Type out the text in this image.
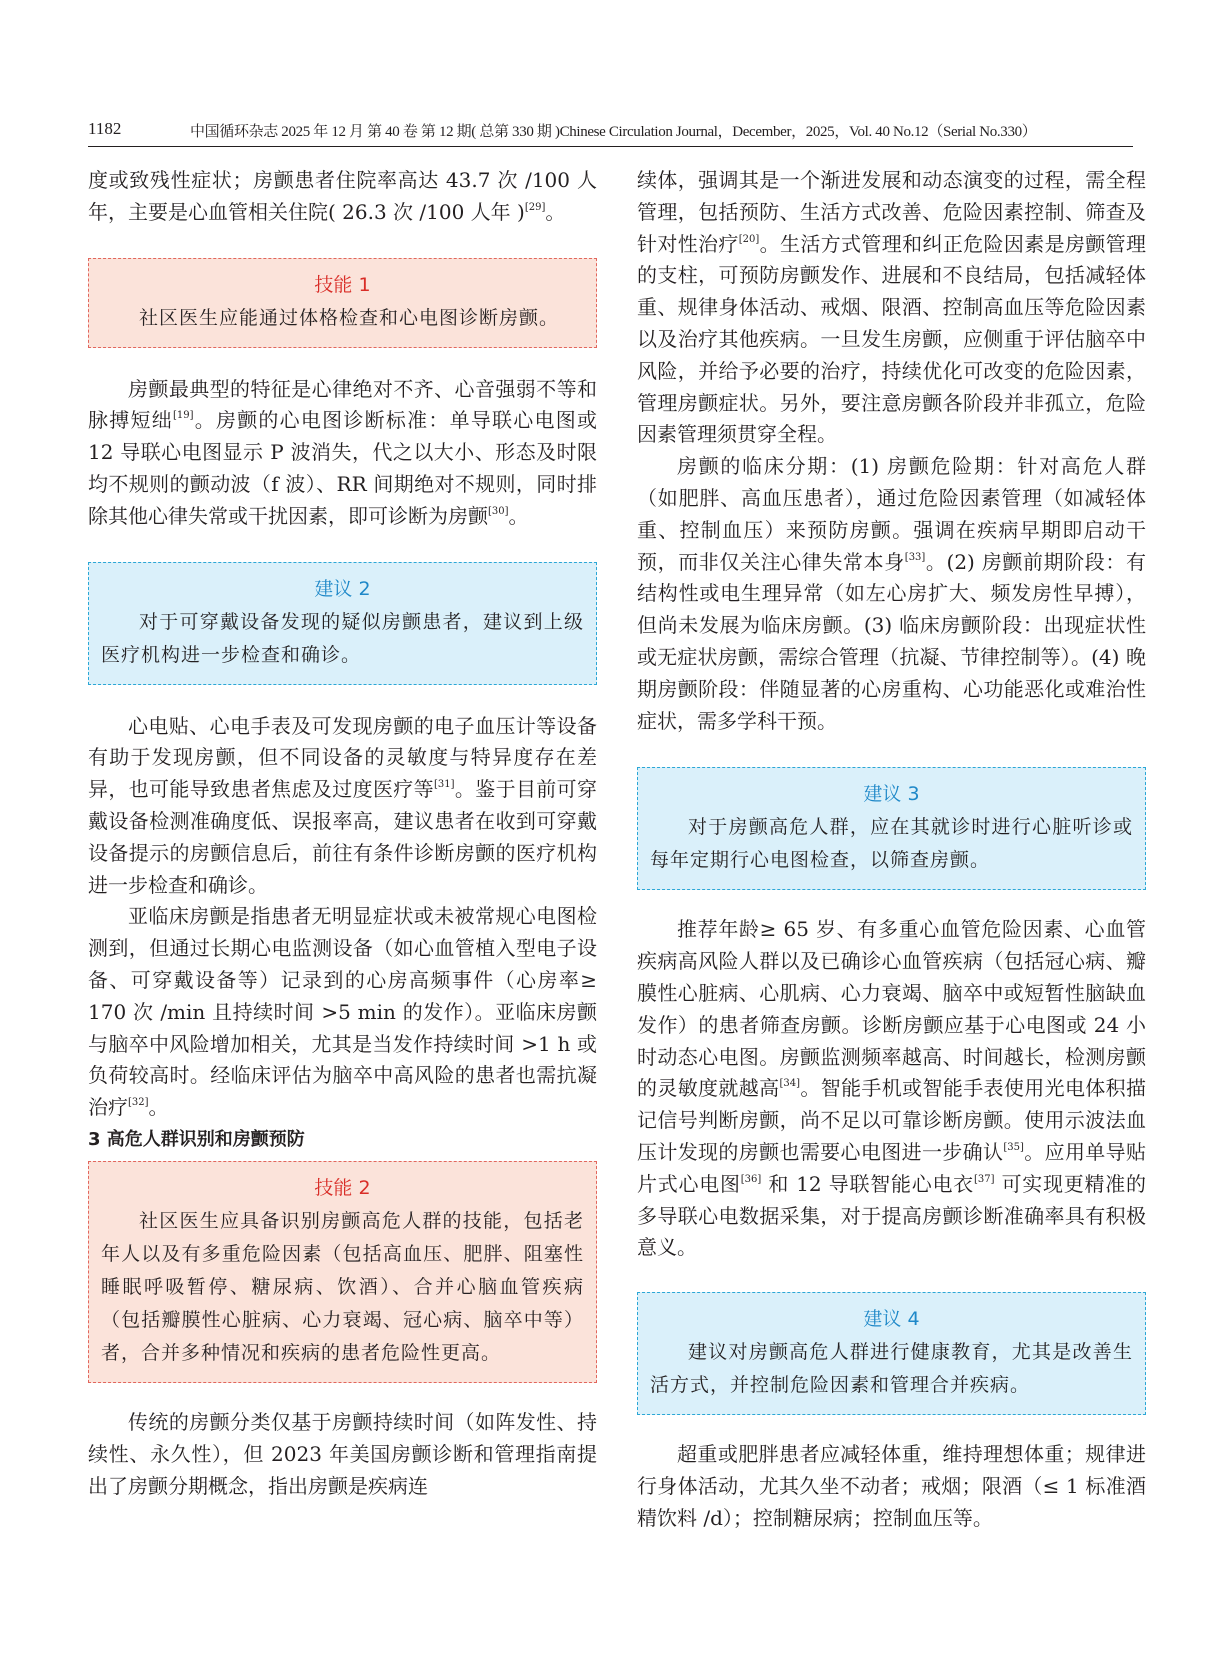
1182	中国循环杂志 2025 年 12 月 第 40 卷 第 12 期( 总第 330 期 )Chinese Circulation Journal，December，2025，Vol. 40 No.12（Serial No.330）

度或致残性症状；房颤患者住院率高达 43.7 次 /100 人年，主要是心血管相关住院( 26.3 次 /100 人年 )[29]。

技能 1

社区医生应能通过体格检查和心电图诊断房颤。

房颤最典型的特征是心律绝对不齐、心音强弱不等和脉搏短绌[19]。房颤的心电图诊断标准：单导联心电图或 12 导联心电图显示 P 波消失，代之以大小、形态及时限均不规则的颤动波（f 波）、RR 间期绝对不规则，同时排除其他心律失常或干扰因素，即可诊断为房颤[30]。

建议 2

对于可穿戴设备发现的疑似房颤患者，建议到上级医疗机构进一步检查和确诊。

心电贴、心电手表及可发现房颤的电子血压计等设备有助于发现房颤，但不同设备的灵敏度与特异度存在差异，也可能导致患者焦虑及过度医疗等[31]。鉴于目前可穿戴设备检测准确度低、误报率高，建议患者在收到可穿戴设备提示的房颤信息后，前往有条件诊断房颤的医疗机构进一步检查和确诊。

亚临床房颤是指患者无明显症状或未被常规心电图检测到，但通过长期心电监测设备（如心血管植入型电子设备、可穿戴设备等）记录到的心房高频事件（心房率≥ 170 次 /min 且持续时间 >5 min 的发作）。亚临床房颤与脑卒中风险增加相关，尤其是当发作持续时间 >1 h 或负荷较高时。经临床评估为脑卒中高风险的患者也需抗凝治疗[32]。

3 高危人群识别和房颤预防
技能 2

社区医生应具备识别房颤高危人群的技能，包括老年人以及有多重危险因素（包括高血压、肥胖、阻塞性睡眠呼吸暂停、糖尿病、饮酒）、合并心脑血管疾病（包括瓣膜性心脏病、心力衰竭、冠心病、脑卒中等）者，合并多种情况和疾病的患者危险性更高。

传统的房颤分类仅基于房颤持续时间（如阵发性、持续性、永久性），但 2023 年美国房颤诊断和管理指南提出了房颤分期概念，指出房颤是疾病连

续体，强调其是一个渐进发展和动态演变的过程，需全程管理，包括预防、生活方式改善、危险因素控制、筛查及针对性治疗[20]。生活方式管理和纠正危险因素是房颤管理的支柱，可预防房颤发作、进展和不良结局，包括减轻体重、规律身体活动、戒烟、限酒、控制高血压等危险因素以及治疗其他疾病。一旦发生房颤，应侧重于评估脑卒中风险，并给予必要的治疗，持续优化可改变的危险因素，管理房颤症状。另外，要注意房颤各阶段并非孤立，危险因素管理须贯穿全程。

房颤的临床分期：(1) 房颤危险期：针对高危人群（如肥胖、高血压患者），通过危险因素管理（如减轻体重、控制血压）来预防房颤。强调在疾病早期即启动干预，而非仅关注心律失常本身[33]。(2) 房颤前期阶段：有结构性或电生理异常（如左心房扩大、频发房性早搏），但尚未发展为临床房颤。(3) 临床房颤阶段：出现症状性或无症状房颤，需综合管理（抗凝、节律控制等）。(4) 晚期房颤阶段：伴随显著的心房重构、心功能恶化或难治性症状，需多学科干预。

建议 3

对于房颤高危人群，应在其就诊时进行心脏听诊或每年定期行心电图检查，以筛查房颤。

推荐年龄≥ 65 岁、有多重心血管危险因素、心血管疾病高风险人群以及已确诊心血管疾病（包括冠心病、瓣膜性心脏病、心肌病、心力衰竭、脑卒中或短暂性脑缺血发作）的患者筛查房颤。诊断房颤应基于心电图或 24 小时动态心电图。房颤监测频率越高、时间越长，检测房颤的灵敏度就越高[34]。智能手机或智能手表使用光电体积描记信号判断房颤，尚不足以可靠诊断房颤。使用示波法血压计发现的房颤也需要心电图进一步确认[35]。应用单导贴片式心电图[36] 和 12 导联智能心电衣[37] 可实现更精准的多导联心电数据采集，对于提高房颤诊断准确率具有积极意义。

建议 4

建议对房颤高危人群进行健康教育，尤其是改善生活方式，并控制危险因素和管理合并疾病。

超重或肥胖患者应减轻体重，维持理想体重；规律进行身体活动，尤其久坐不动者；戒烟；限酒（≤ 1 标准酒精饮料 /d）；控制糖尿病；控制血压等。
